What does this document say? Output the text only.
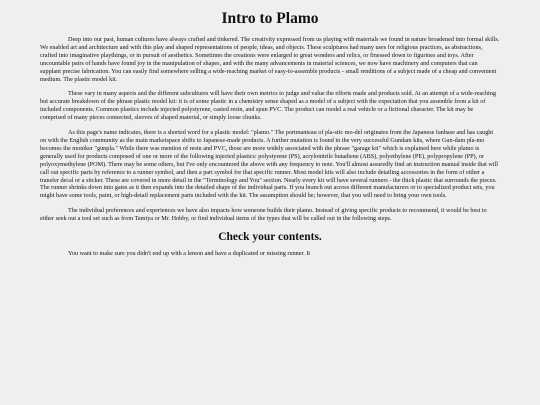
Intro to Plamo

Deep into our past, human cultures have always crafted and tinkered. The creativity expressed from us playing with materials we found in nature broadened into formal skills. We enabled art and architecture and with this play and shaped representations of people, ideas, and objects. These sculptures had many uses for religious practices, as abstractions, crafted into imaginative playthings, or in pursuit of aesthetics. Sometimes the creations were enlarged to great wonders and relics, or finessed down to figurines and toys. After uncountable pairs of hands have found joy in the manipulation of shapes, and with the many advancements in material sciences, we now have machinery and computers that can supplant precise fabrication. You can easily find somewhere selling a wide-reaching market of easy-to-assemble products - small renditions of a subject made of a cheap and convenient medium. The plastic model kit.

These vary in many aspects and the different subcultures will have their own metrics to judge and value the efforts made and products sold. At an attempt of a wide-reaching but accurate breakdown of the phrase plastic model kit: it is of some plastic in a chemistry sense shaped as a model of a subject with the expectation that you assemble from a kit of included components. Common plastics include injected polystyrene, casted resin, and spun PVC. The product can model a real vehicle or a fictional character. The kit may be comprised of many pieces connected, sleeves of shaped material, or simply loose chunks.

As this page's name indicates, there is a shorted word for a plastic model: "plamo." The portmanteau of pla-stic mo-del originates from the Japanese fanbase and has caught on with the English community as the main marketspace shifts to Japanese-made products. A further mutation is found in the very successful Gundam kits, where Gun-dam pla-mo becomes the moniker "gunpla." While there was mention of resin and PVC, those are more widely associated with the phrase "garage kit" which is explained here while plamo is generally used for products composed of one or more of the following injected plastics: polystyrene (PS), acrylonitrile butadiene (ABS), polyethylene (PE), polypropylene (PP), or polyoxymethylene (POM). There may be some others, but I've only encountered the above with any frequency to note. You'll almost assuredly find an instruction manual inside that will call out specific parts by reference to a runner symbol, and then a part symbol for that specific runner. Most model kits will also include detailing accessories in the form of either a transfer decal or a sticker. These are covered in more detail in the "Terminology and You" section. Nearly every kit will have several runners - the thick plastic that surrounds the pieces. The runner shrinks down into gates as it then expands into the detailed shape of the individual parts. If you branch out across different manufacturers or to specialized product sets, you might have some tools, paint, or high-detail replacement parts included with the kit. The assumption should be; however, that you will need to bring your own tools.

The individual preferences and experiences we have also impacts how someone builds their plamo. Instead of giving specific products to recommend, it would be best to either seek out a tool set such as from Tamiya or Mr. Hobby, or find individual items of the types that will be called out in the following steps.

Check your contents.

You want to make sure you didn't end up with a lemon and have a duplicated or missing runner. It
